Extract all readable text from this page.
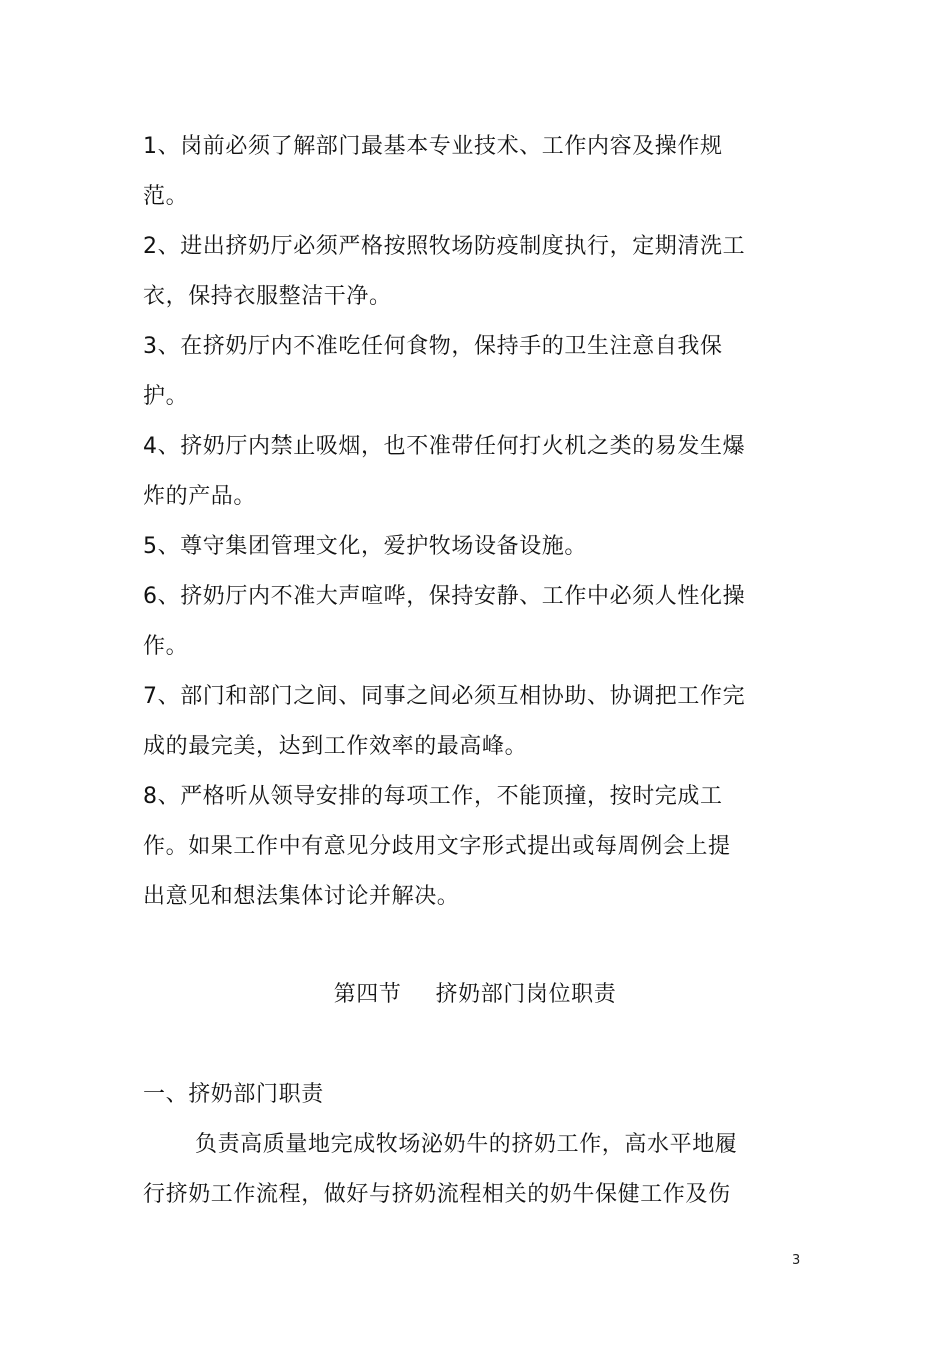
1、岗前必须了解部门最基本专业技术、工作内容及操作规范。

2、进出挤奶厅必须严格按照牧场防疫制度执行，定期清洗工衣，保持衣服整洁干净。

3、在挤奶厅内不准吃任何食物，保持手的卫生注意自我保护。

4、挤奶厅内禁止吸烟，也不准带任何打火机之类的易发生爆炸的产品。

5、尊守集团管理文化，爱护牧场设备设施。

6、挤奶厅内不准大声喧哗，保持安静、工作中必须人性化操作。

7、部门和部门之间、同事之间必须互相协助、协调把工作完成的最完美，达到工作效率的最高峰。

8、严格听从领导安排的每项工作，不能顶撞，按时完成工作。如果工作中有意见分歧用文字形式提出或每周例会上提出意见和想法集体讨论并解决。

第四节 挤奶部门岗位职责
一、挤奶部门职责

负责高质量地完成牧场泌奶牛的挤奶工作，高水平地履行挤奶工作流程，做好与挤奶流程相关的奶牛保健工作及伤

3
